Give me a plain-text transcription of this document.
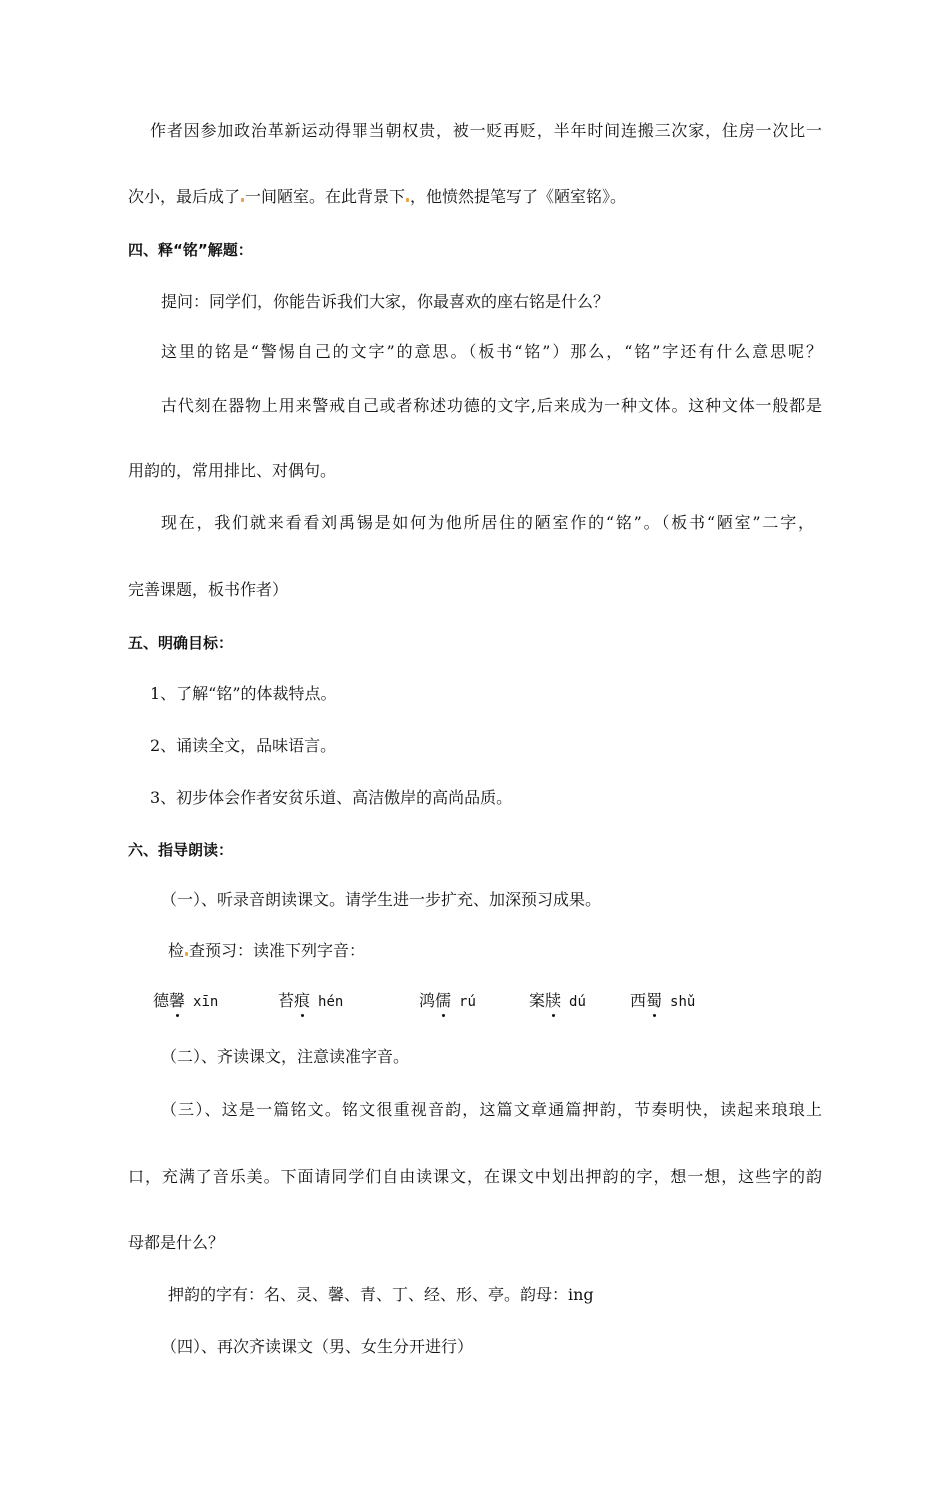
作者因参加政治革新运动得罪当朝权贵，被一贬再贬，半年时间连搬三次家，住房一次比一
次小，最后成了 一间陋室。在此背景下 ，他愤然提笔写了《陋室铭》。
四、释“铭”解题：
提问：同学们，你能告诉我们大家，你最喜欢的座右铭是什么？
这里的铭是“警惕自己的文字”的意思。（板书“铭”）那么，“铭”字还有什么意思呢？
古代刻在器物上用来警戒自己或者称述功德的文字,后来成为一种文体。这种文体一般都是
用韵的，常用排比、对偶句。
现在，我们就来看看刘禹锡是如何为他所居住的陋室作的“铭”。（板书“陋室”二字，
完善课题，板书作者）
五、明确目标：
1、了解“铭”的体裁特点。
2、诵读全文，品味语言。
3、初步体会作者安贫乐道、高洁傲岸的高尚品质。
六、指导朗读：
（一）、听录音朗读课文。请学生进一步扩充、加深预习成果。
检 查预习：读准下列字音：
德馨 xīn	苔痕 hén	鸿儒 rú	案牍 dú	西蜀 shǔ
（二）、齐读课文，注意读准字音。
（三）、这是一篇铭文。铭文很重视音韵，这篇文章通篇押韵，节奏明快，读起来琅琅上
口，充满了音乐美。下面请同学们自由读课文，在课文中划出押韵的字，想一想，这些字的韵
母都是什么？
押韵的字有：名、灵、馨、青、丁、经、形、亭。韵母：ing
（四）、再次齐读课文（男、女生分开进行）
